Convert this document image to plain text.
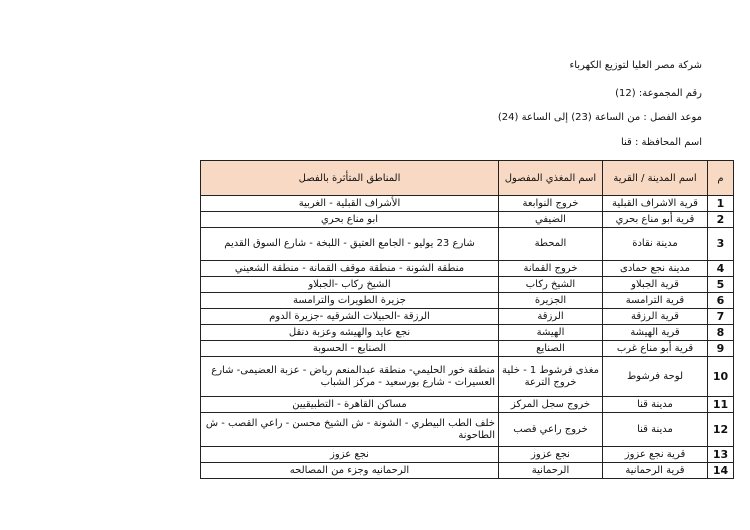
شركة مصر العليا لتوزيع الكهرباء
رقم المجموعة: (12)
موعد الفصل : من الساعة (23) إلى الساعة (24)
اسم المحافظة : قنا
م	اسم المدينة / القرية	اسم المغذي المفصول	المناطق المتأثرة بالفصل
1	قرية الاشراف القبلية	خروج النوابعة	الأشراف القبلية - الغربية
2	قرية أبو مناع بحري	الضيفي	ابو مناع بحري
3	مدينة نقادة	المحطة	شارع 23 يوليو - الجامع العتيق - اللبخة - شارع السوق القديم
4	مدينة نجع حمادى	خروج القمانة	منطقة الشونة - منطقة موقف القمانة - منطقة الشعيني
5	قرية الجبلاو	الشيخ ركاب	الشيخ ركاب -الجبلاو
6	قرية الترامسة	الجزيرة	جزيرة الطويرات والترامسة
7	قرية الرزقة	الرزقة	الرزقة -الحبيلات الشرقيه -جزيرة الدوم
8	قرية الهيشة	الهيشة	نجع عايد والهيشه وعزبة دنقل
9	قرية أبو مناع غرب	الصنايع	الصنايع - الحسوبة
10	لوحة فرشوط	مغذى فرشوط 1 - خلية خروج الترعة	منطقة خور الحليمي- منطقة عبدالمنعم رياض - عزبة العضيمى- شارع العسيرات - شارع بورسعيد - مركز الشباب
11	مدينة قنا	خروج سجل المركز	مساكن القاهرة - التطبيقيين
12	مدينة قنا	خروج راعي قصب	خلف الطب البيطري - الشونة - ش الشيخ محسن - راعي القصب - ش الطاحونة
13	قرية نجع عزوز	نجع عزوز	نجع عزوز
14	قرية الرحمانية	الرحمانية	الرحمانيه وجزء من المصالحه
